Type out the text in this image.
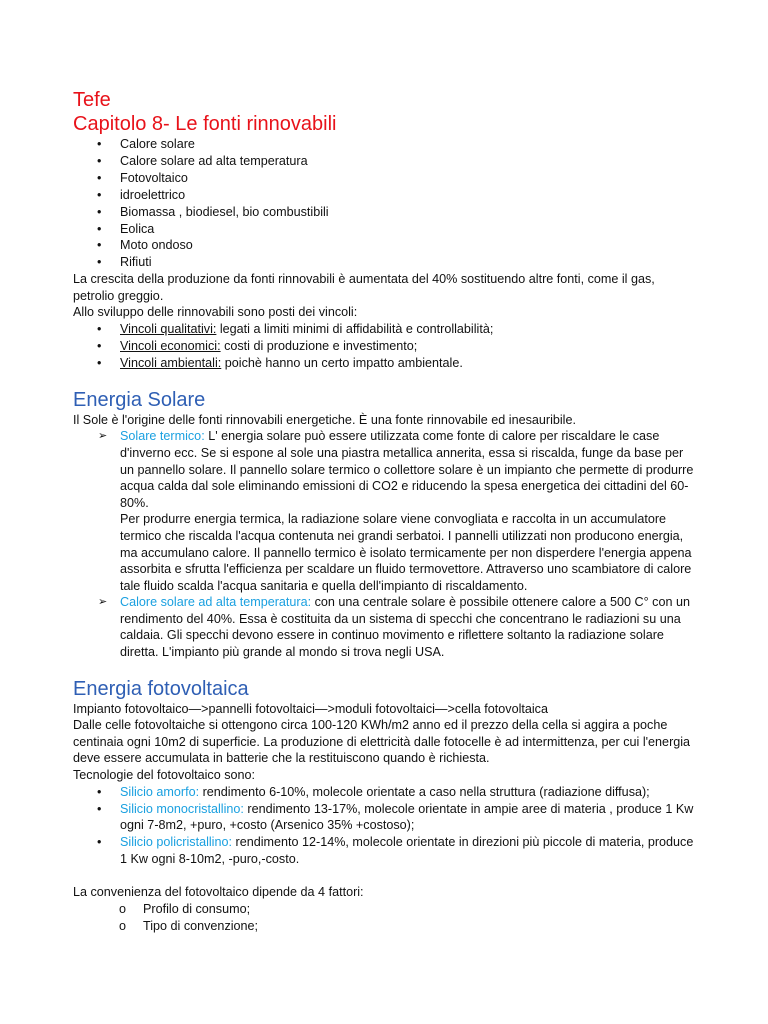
Tefe
Capitolo 8- Le fonti rinnovabili
•	Calore solare
•	Calore solare ad alta temperatura
•	Fotovoltaico
•	idroelettrico
•	Biomassa , biodiesel, bio combustibili
•	Eolica
•	Moto ondoso
•	Rifiuti

La crescita della produzione da fonti rinnovabili è aumentata del 40% sostituendo altre fonti, come il gas, petrolio greggio.

Allo sviluppo delle rinnovabili sono posti dei vincoli:

•	Vincoli qualitativi: legati a limiti minimi di affidabilità e controllabilità;
•	Vincoli economici: costi di produzione e investimento;
•	Vincoli ambientali: poichè hanno un certo impatto ambientale.
Energia Solare

Il Sole è l'origine delle fonti rinnovabili energetiche. È una fonte rinnovabile ed inesauribile.

➢ Solare termico: L' energia solare può essere utilizzata come fonte di calore per riscaldare le case d'inverno ecc. Se si espone al sole una piastra metallica annerita, essa si riscalda, funge da base per un pannello solare. Il pannello solare termico o collettore solare è un impianto che permette di produrre acqua calda dal sole eliminando emissioni di CO2 e riducendo la spesa energetica dei cittadini del 60-80%.
Per produrre energia termica, la radiazione solare viene convogliata e raccolta in un accumulatore termico che riscalda l'acqua contenuta nei grandi serbatoi. I pannelli utilizzati non producono energia, ma accumulano calore. Il pannello termico è isolato termicamente per non disperdere l'energia appena assorbita e sfrutta l'efficienza per scaldare un fluido termovettore. Attraverso uno scambiatore di calore tale fluido scalda l'acqua sanitaria e quella dell'impianto di riscaldamento.
➢ Calore solare ad alta temperatura: con una centrale solare è possibile ottenere calore a 500 C° con un rendimento del 40%. Essa è costituita da un sistema di specchi che concentrano le radiazioni su una caldaia. Gli specchi devono essere in continuo movimento e riflettere soltanto la radiazione solare diretta. L'impianto più grande al mondo si trova negli USA.
Energia fotovoltaica

Impianto fotovoltaico—>pannelli fotovoltaici—>moduli fotovoltaici—>cella fotovoltaica

Dalle celle fotovoltaiche si ottengono circa 100-120 KWh/m2 anno ed il prezzo della cella si aggira a poche centinaia ogni 10m2 di superficie. La produzione di elettricità dalle fotocelle è ad intermittenza, per cui l'energia deve essere accumulata in batterie che la restituiscono quando è richiesta.

Tecnologie del fotovoltaico sono:

•	Silicio amorfo: rendimento 6-10%, molecole orientate a caso nella struttura (radiazione diffusa);
•	Silicio monocristallino: rendimento 13-17%, molecole orientate in ampie aree di materia , produce 1 Kw ogni 7-8m2, +puro, +costo (Arsenico 35% +costoso);
•	Silicio policristallino: rendimento 12-14%, molecole orientate in direzioni più piccole di materia, produce 1 Kw ogni 8-10m2, -puro,-costo.

La convenienza del fotovoltaico dipende da 4 fattori:

o Profilo di consumo;
o Tipo di convenzione;
